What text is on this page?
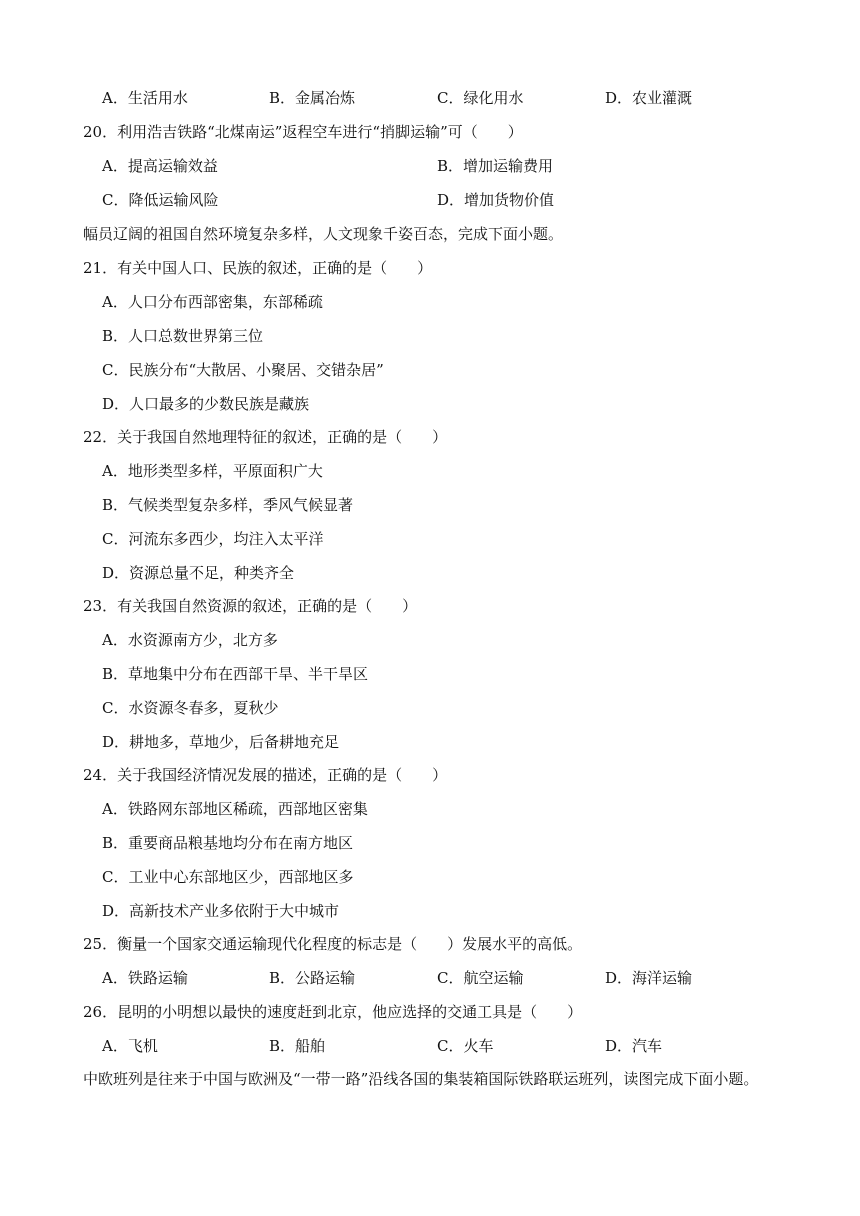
A．生活用水	B．金属冶炼	C．绿化用水	D．农业灌溉
20．利用浩吉铁路“北煤南运”返程空车进行“捎脚运输”可（　　）
A．提高运输效益	B．增加运输费用
C．降低运输风险	D．增加货物价值
幅员辽阔的祖国自然环境复杂多样，人文现象千姿百态，完成下面小题。
21．有关中国人口、民族的叙述，正确的是（　　）
A．人口分布西部密集，东部稀疏
B．人口总数世界第三位
C．民族分布“大散居、小聚居、交错杂居”
D．人口最多的少数民族是藏族
22．关于我国自然地理特征的叙述，正确的是（　　）
A．地形类型多样，平原面积广大
B．气候类型复杂多样，季风气候显著
C．河流东多西少，均注入太平洋
D．资源总量不足，种类齐全
23．有关我国自然资源的叙述，正确的是（　　）
A．水资源南方少，北方多
B．草地集中分布在西部干旱、半干旱区
C．水资源冬春多，夏秋少
D．耕地多，草地少，后备耕地充足
24．关于我国经济情况发展的描述，正确的是（　　）
A．铁路网东部地区稀疏，西部地区密集
B．重要商品粮基地均分布在南方地区
C．工业中心东部地区少，西部地区多
D．高新技术产业多依附于大中城市
25．衡量一个国家交通运输现代化程度的标志是（　　）发展水平的高低。
A．铁路运输	B．公路运输	C．航空运输	D．海洋运输
26．昆明的小明想以最快的速度赶到北京，他应选择的交通工具是（　　）
A．飞机	B．船舶	C．火车	D．汽车
中欧班列是往来于中国与欧洲及“一带一路”沿线各国的集装箱国际铁路联运班列，读图完成下面小题。
